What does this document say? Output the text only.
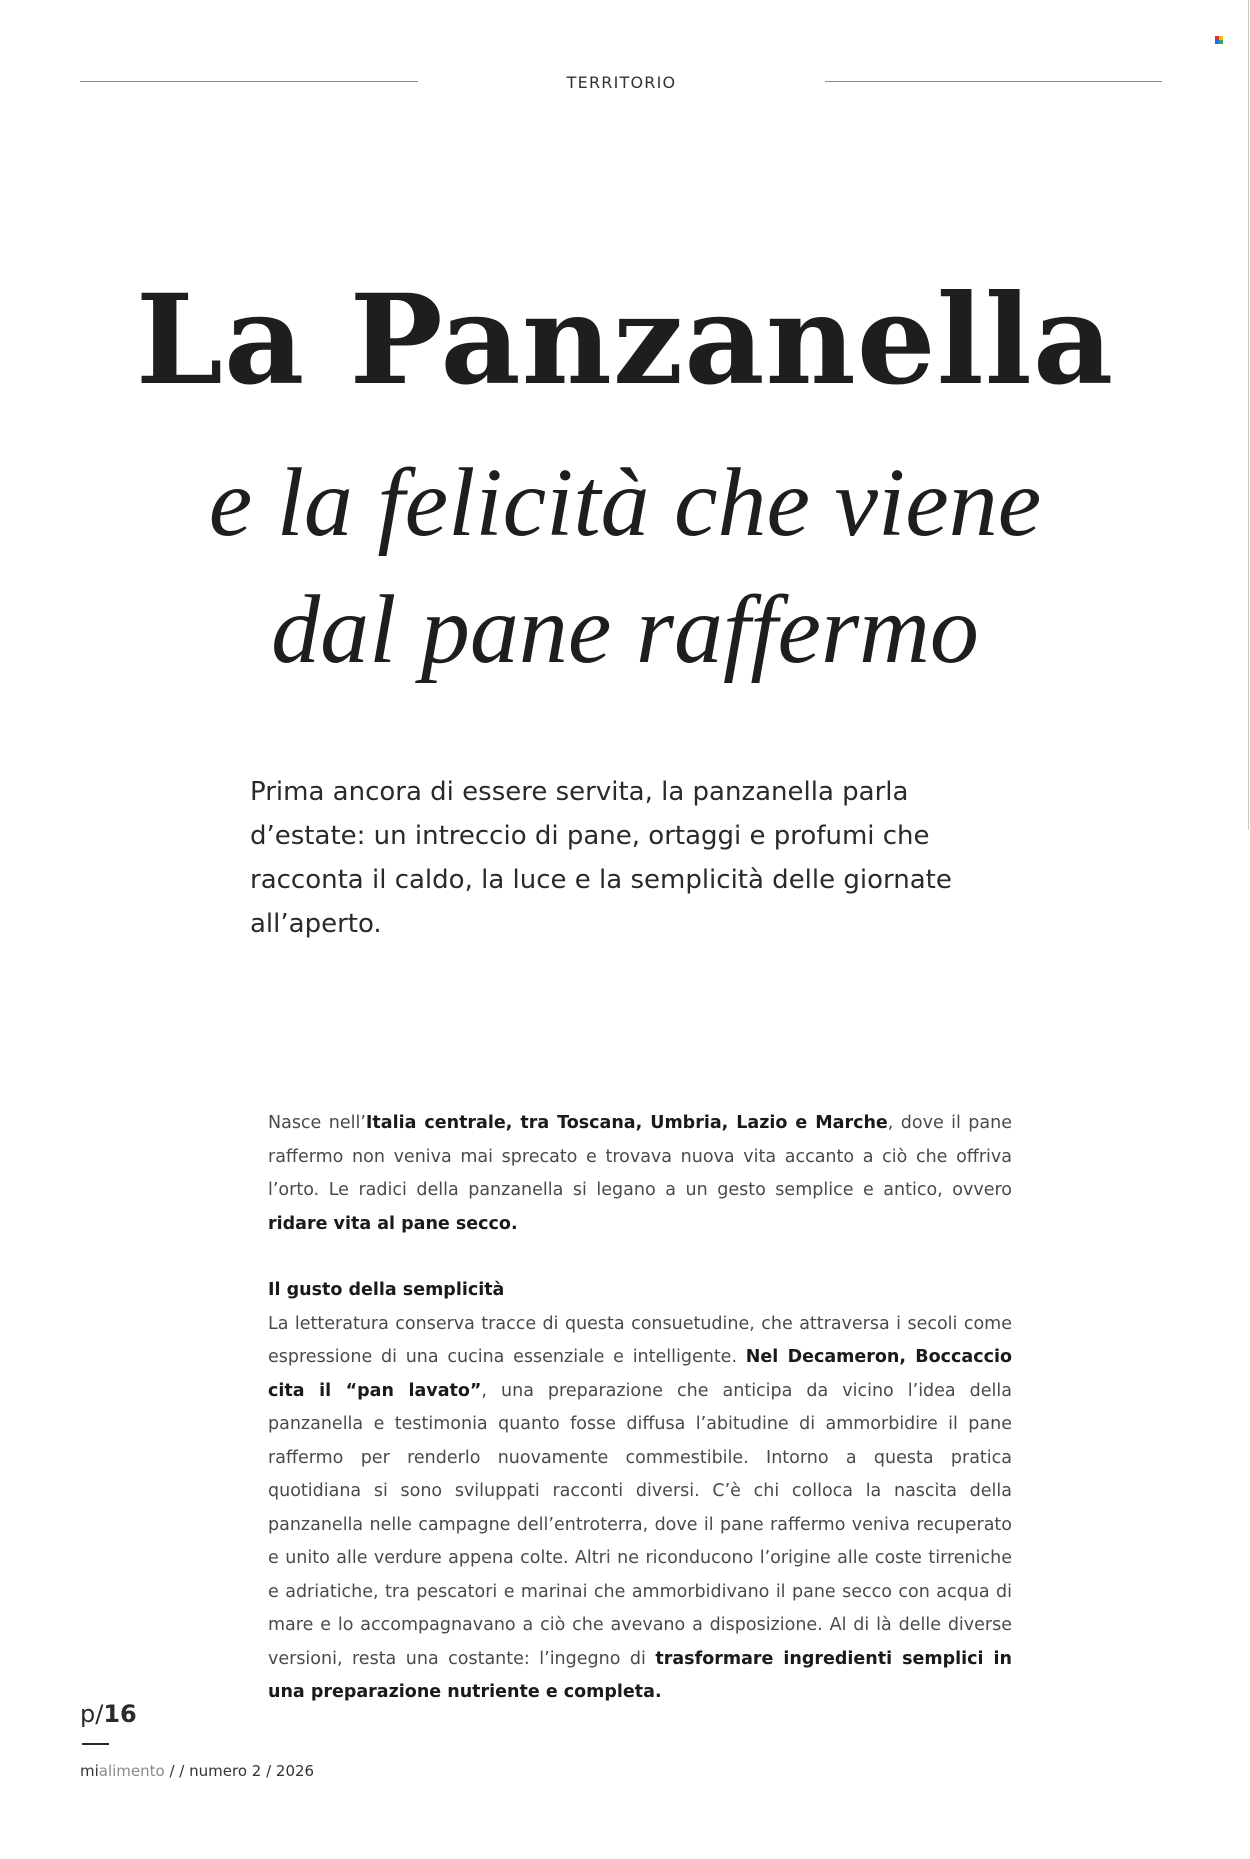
TERRITORIO
La Panzanella
e la felicità che viene
dal pane raffermo
Prima ancora di essere servita, la panzanella parla d’estate: un intreccio di pane, ortaggi e profumi che racconta il caldo, la luce e la semplicità delle giornate all’aperto.

Nasce nell’Italia centrale, tra Toscana, Umbria, Lazio e Marche, dove il pane raffermo non veniva mai sprecato e trovava nuova vita accanto a ciò che offriva l’orto. Le radici della panzanella si legano a un gesto semplice e antico, ovvero ridare vita al pane secco.

Il gusto della semplicità

La letteratura conserva tracce di questa consuetudine, che attraversa i secoli come espressione di una cucina essenziale e intelligente. Nel Decameron, Boccaccio cita il “pan lavato”, una preparazione che anticipa da vicino l’idea della panzanella e testimonia quanto fosse diffusa l’abitudine di ammorbidire il pane raffermo per renderlo nuovamente commestibile. Intorno a questa pratica quotidiana si sono sviluppati racconti diversi. C’è chi colloca la nascita della panzanella nelle campagne dell’entroterra, dove il pane raffermo veniva recuperato e unito alle verdure appena colte. Altri ne riconducono l’origine alle coste tirreniche e adriatiche, tra pescatori e marinai che ammorbidivano il pane secco con acqua di mare e lo accompagnavano a ciò che avevano a disposizione. Al di là delle diverse versioni, resta una costante: l’ingegno di trasformare ingredienti semplici in una preparazione nutriente e completa.

p/16
mialimento / / numero 2 / 2026
